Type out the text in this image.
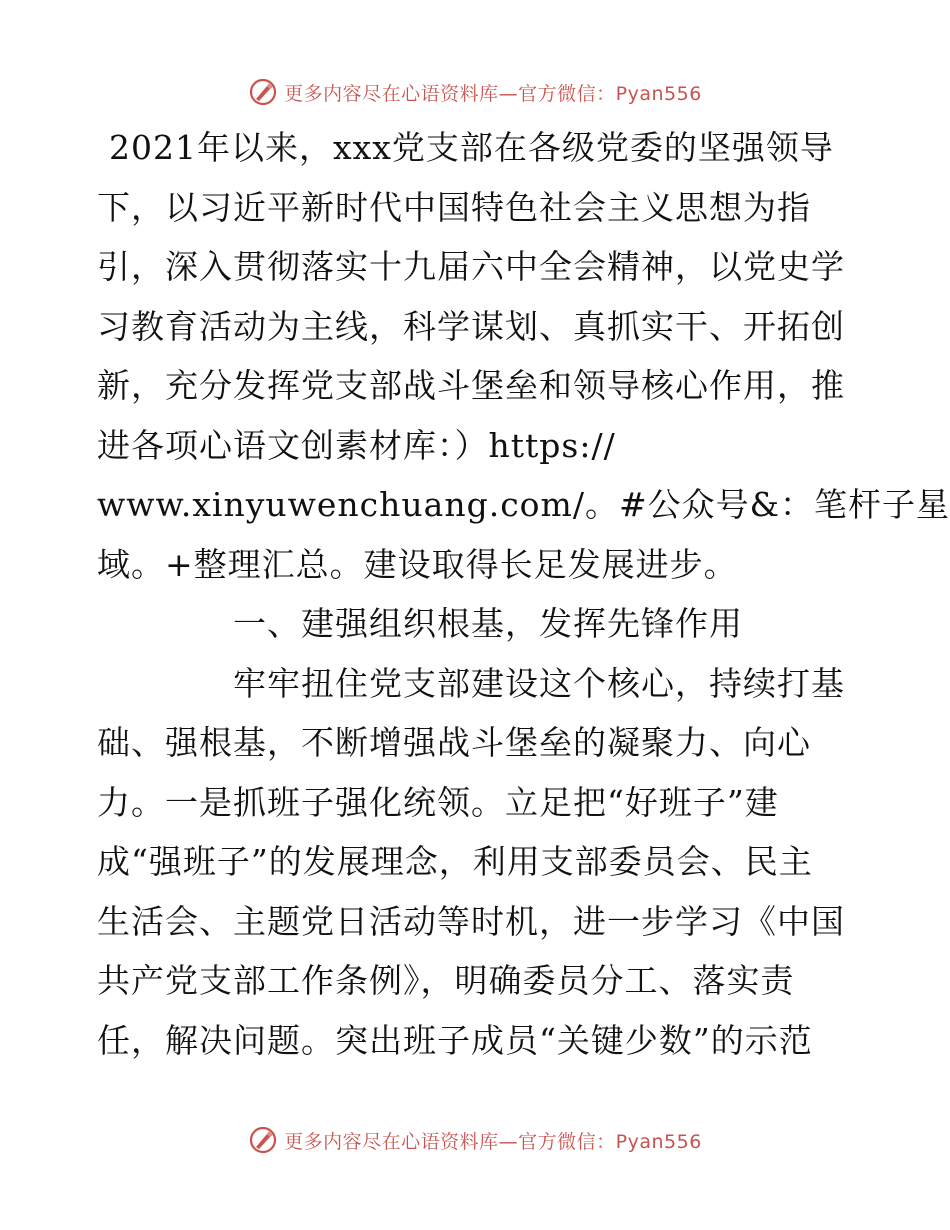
更多内容尽在心语资料库—官方微信：Pyan556
2021年以来，xxx党支部在各级党委的坚强领导
下，以习近平新时代中国特色社会主义思想为指
引，深入贯彻落实十九届六中全会精神，以党史学
习教育活动为主线，科学谋划、真抓实干、开拓创
新，充分发挥党支部战斗堡垒和领导核心作用，推
进各项心语文创素材库：）https://
www.xinyuwenchuang.com/。#公众号&：笔杆子星
域。+整理汇总。建设取得长足发展进步。
一、建强组织根基，发挥先锋作用
牢牢扭住党支部建设这个核心，持续打基
础、强根基，不断增强战斗堡垒的凝聚力、向心
力。一是抓班子强化统领。立足把“好班子”建
成“强班子”的发展理念，利用支部委员会、民主
生活会、主题党日活动等时机，进一步学习《中国
共产党支部工作条例》，明确委员分工、落实责
任，解决问题。突出班子成员“关键少数”的示范
更多内容尽在心语资料库—官方微信：Pyan556
